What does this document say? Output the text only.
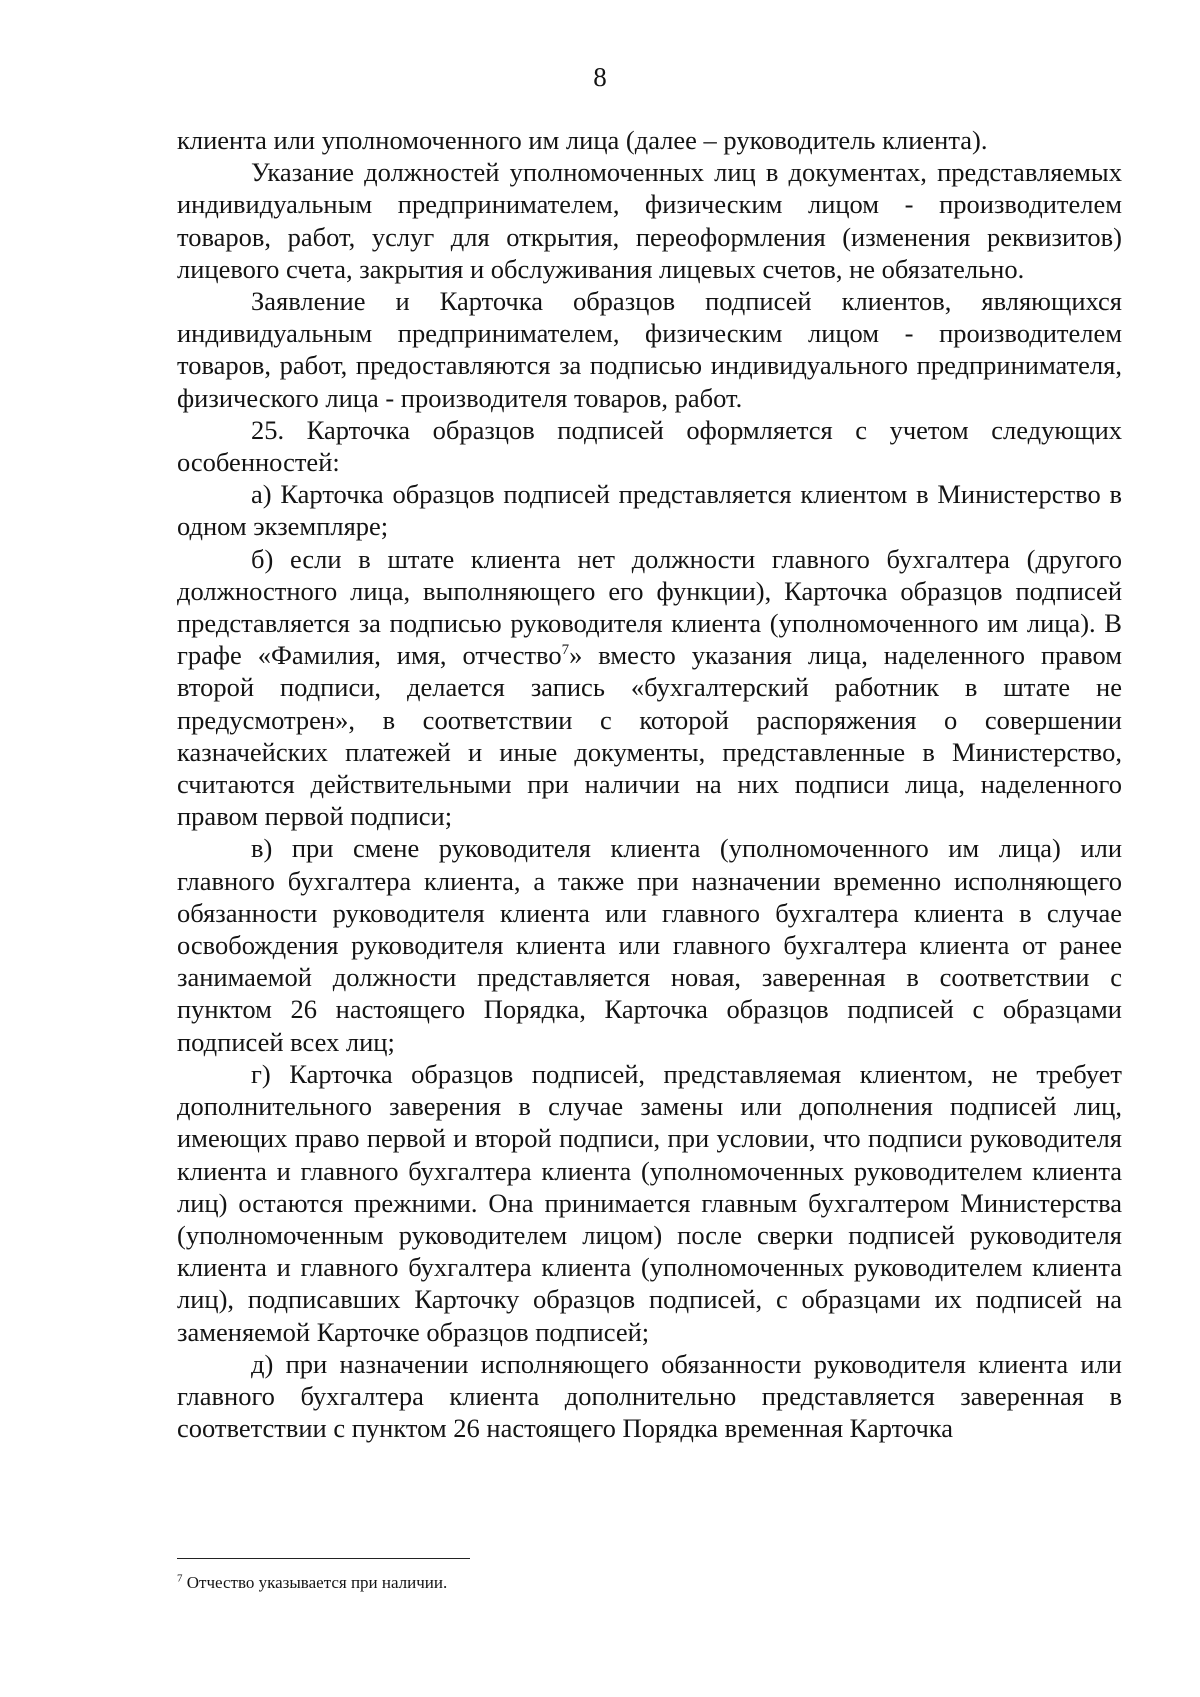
8

клиента или уполномоченного им лица (далее – руководитель клиента).

Указание должностей уполномоченных лиц в документах, представляемых индивидуальным предпринимателем, физическим лицом - производителем товаров, работ, услуг для открытия, переоформления (изменения реквизитов) лицевого счета, закрытия и обслуживания лицевых счетов, не обязательно.

Заявление и Карточка образцов подписей клиентов, являющихся индивидуальным предпринимателем, физическим лицом - производителем товаров, работ, предоставляются за подписью индивидуального предпринимателя, физического лица - производителя товаров, работ.

25. Карточка образцов подписей оформляется с учетом следующих особенностей:

а) Карточка образцов подписей представляется клиентом в Министерство в одном экземпляре;

б) если в штате клиента нет должности главного бухгалтера (другого должностного лица, выполняющего его функции), Карточка образцов подписей представляется за подписью руководителя клиента (уполномоченного им лица). В графе «Фамилия, имя, отчество$^7$» вместо указания лица, наделенного правом второй подписи, делается запись «бухгалтерский работник в штате не предусмотрен», в соответствии с которой распоряжения о совершении казначейских платежей и иные документы, представленные в Министерство, считаются действительными при наличии на них подписи лица, наделенного правом первой подписи;

в) при смене руководителя клиента (уполномоченного им лица) или главного бухгалтера клиента, а также при назначении временно исполняющего обязанности руководителя клиента или главного бухгалтера клиента в случае освобождения руководителя клиента или главного бухгалтера клиента от ранее занимаемой должности представляется новая, заверенная в соответствии с пунктом 26 настоящего Порядка, Карточка образцов подписей с образцами подписей всех лиц;

г) Карточка образцов подписей, представляемая клиентом, не требует дополнительного заверения в случае замены или дополнения подписей лиц, имеющих право первой и второй подписи, при условии, что подписи руководителя клиента и главного бухгалтера клиента (уполномоченных руководителем клиента лиц) остаются прежними. Она принимается главным бухгалтером Министерства (уполномоченным руководителем лицом) после сверки подписей руководителя клиента и главного бухгалтера клиента (уполномоченных руководителем клиента лиц), подписавших Карточку образцов подписей, с образцами их подписей на заменяемой Карточке образцов подписей;

д) при назначении исполняющего обязанности руководителя клиента или главного бухгалтера клиента дополнительно представляется заверенная в соответствии с пунктом 26 настоящего Порядка временная Карточка

$^7$ Отчество указывается при наличии.
